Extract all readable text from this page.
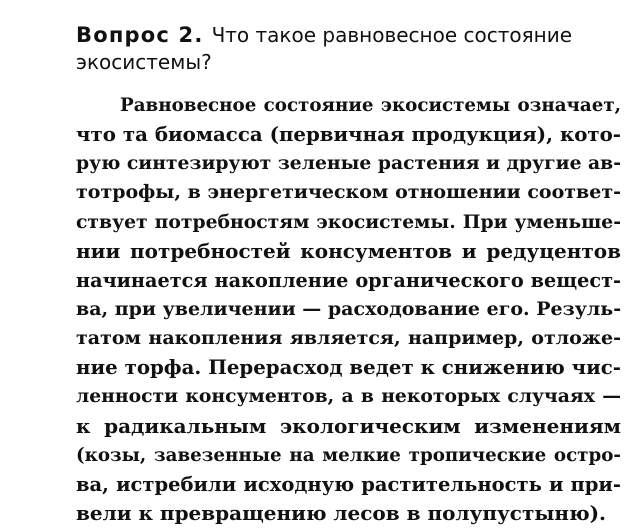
Вопрос 2. Что такое равновесное состояние
экосистемы?
Равновесное состояние экосистемы означает,
что та биомасса (первичная продукция), кото-
рую синтезируют зеленые растения и другие ав-
тотрофы, в энергетическом отношении соответ-
ствует потребностям экосистемы. При уменьше-
нии потребностей консументов и редуцентов
начинается накопление органического вещест-
ва, при увеличении — расходование его. Резуль-
татом накопления является, например, отложе-
ние торфа. Перерасход ведет к снижению чис-
ленности консументов, а в некоторых случаях —
к радикальным экологическим изменениям
(козы, завезенные на мелкие тропические остро-
ва, истребили исходную растительность и при-
вели к превращению лесов в полупустыню).
